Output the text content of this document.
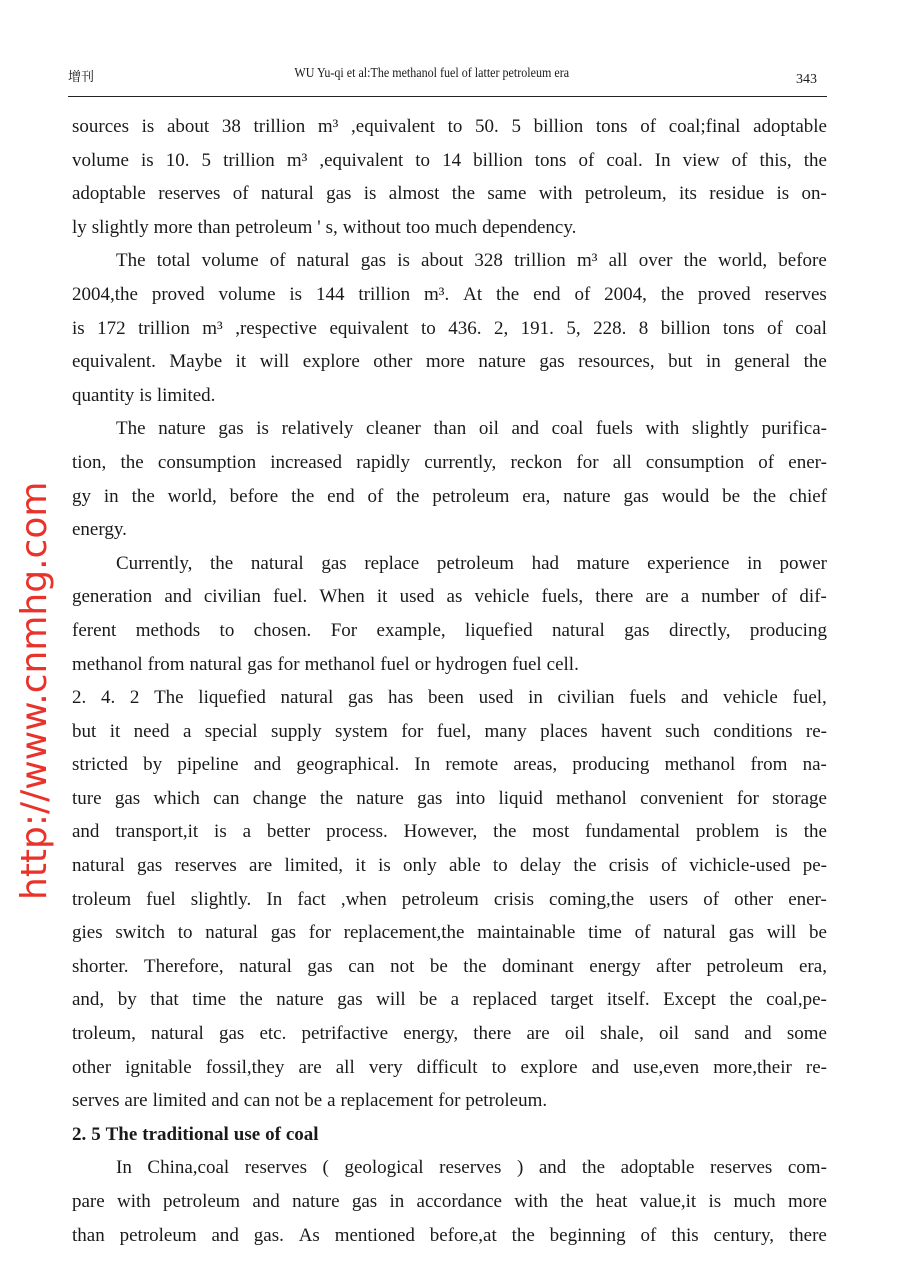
增刊	WU Yu-qi et al:The methanol fuel of latter petroleum era	343
sources is about 38 trillion m³ ,equivalent to 50. 5 billion tons of coal;final adoptable
volume is 10. 5 trillion m³ ,equivalent to 14 billion tons of coal. In view of this, the
adoptable reserves of natural gas is almost the same with petroleum, its residue is on-
ly slightly more than petroleum ' s, without too much dependency.
The total volume of natural gas is about 328 trillion m³ all over the world, before
2004,the proved volume is 144 trillion m³. At the end of 2004, the proved reserves
is 172 trillion m³ ,respective equivalent to 436. 2, 191. 5, 228. 8 billion tons of coal
equivalent. Maybe it will explore other more nature gas resources, but in general the
quantity is limited.
The nature gas is relatively cleaner than oil and coal fuels with slightly purifica-
tion, the consumption increased rapidly currently, reckon for all consumption of ener-
gy in the world, before the end of the petroleum era, nature gas would be the chief
energy.
Currently, the natural gas replace petroleum had mature experience in power
generation and civilian fuel. When it used as vehicle fuels, there are a number of dif-
ferent methods to chosen. For example, liquefied natural gas directly, producing
methanol from natural gas for methanol fuel or hydrogen fuel cell.
2. 4. 2 The liquefied natural gas has been used in civilian fuels and vehicle fuel,
but it need a special supply system for fuel, many places havent such conditions re-
stricted by pipeline and geographical. In remote areas, producing methanol from na-
ture gas which can change the nature gas into liquid methanol convenient for storage
and transport,it is a better process. However, the most fundamental problem is the
natural gas reserves are limited, it is only able to delay the crisis of vichicle-used pe-
troleum fuel slightly. In fact ,when petroleum crisis coming,the users of other ener-
gies switch to natural gas for replacement,the maintainable time of natural gas will be
shorter. Therefore, natural gas can not be the dominant energy after petroleum era,
and, by that time the nature gas will be a replaced target itself. Except the coal,pe-
troleum, natural gas etc. petrifactive energy, there are oil shale, oil sand and some
other ignitable fossil,they are all very difficult to explore and use,even more,their re-
serves are limited and can not be a replacement for petroleum.
2. 5 The traditional use of coal
In China,coal reserves ( geological reserves ) and the adoptable reserves com-
pare with petroleum and nature gas in accordance with the heat value,it is much more
than petroleum and gas. As mentioned before,at the beginning of this century, there
http://www.cnmhg.com
